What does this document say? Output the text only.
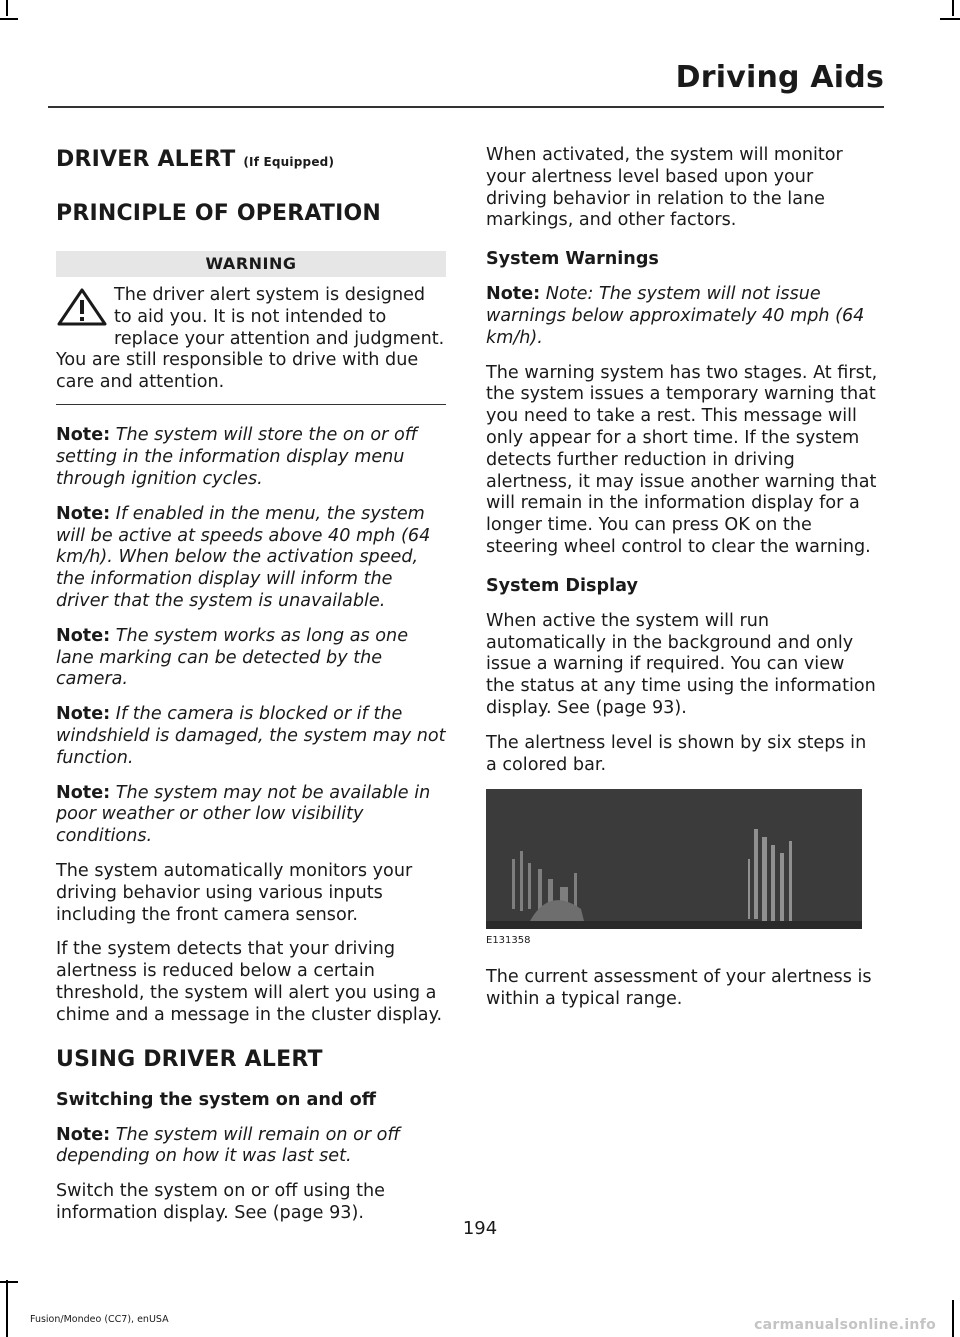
Driving Aids
DRIVER ALERT (If Equipped)
PRINCIPLE OF OPERATION
WARNING
The driver alert system is designed to aid you. It is not intended to replace your attention and judgment. You are still responsible to drive with due care and attention.

Note: The system will store the on or off setting in the information display menu through ignition cycles.

Note: If enabled in the menu, the system will be active at speeds above 40 mph (64 km/h). When below the activation speed, the information display will inform the driver that the system is unavailable.

Note: The system works as long as one lane marking can be detected by the camera.

Note: If the camera is blocked or if the windshield is damaged, the system may not function.

Note: The system may not be available in poor weather or other low visibility conditions.

The system automatically monitors your driving behavior using various inputs including the front camera sensor.

If the system detects that your driving alertness is reduced below a certain threshold, the system will alert you using a chime and a message in the cluster display.

USING DRIVER ALERT
Switching the system on and off

Note: The system will remain on or off depending on how it was last set.

Switch the system on or off using the information display. See (page 93).

When activated, the system will monitor your alertness level based upon your driving behavior in relation to the lane markings, and other factors.

System Warnings

Note: Note: The system will not issue warnings below approximately 40 mph (64 km/h).

The warning system has two stages. At first, the system issues a temporary warning that you need to take a rest. This message will only appear for a short time. If the system detects further reduction in driving alertness, it may issue another warning that will remain in the information display for a longer time. You can press OK on the steering wheel control to clear the warning.

System Display

When active the system will run automatically in the background and only issue a warning if required. You can view the status at any time using the information display. See (page 93).

The alertness level is shown by six steps in a colored bar.

E131358

The current assessment of your alertness is within a typical range.

194
Fusion/Mondeo (CC7), enUSA	carmanualsonline.info
